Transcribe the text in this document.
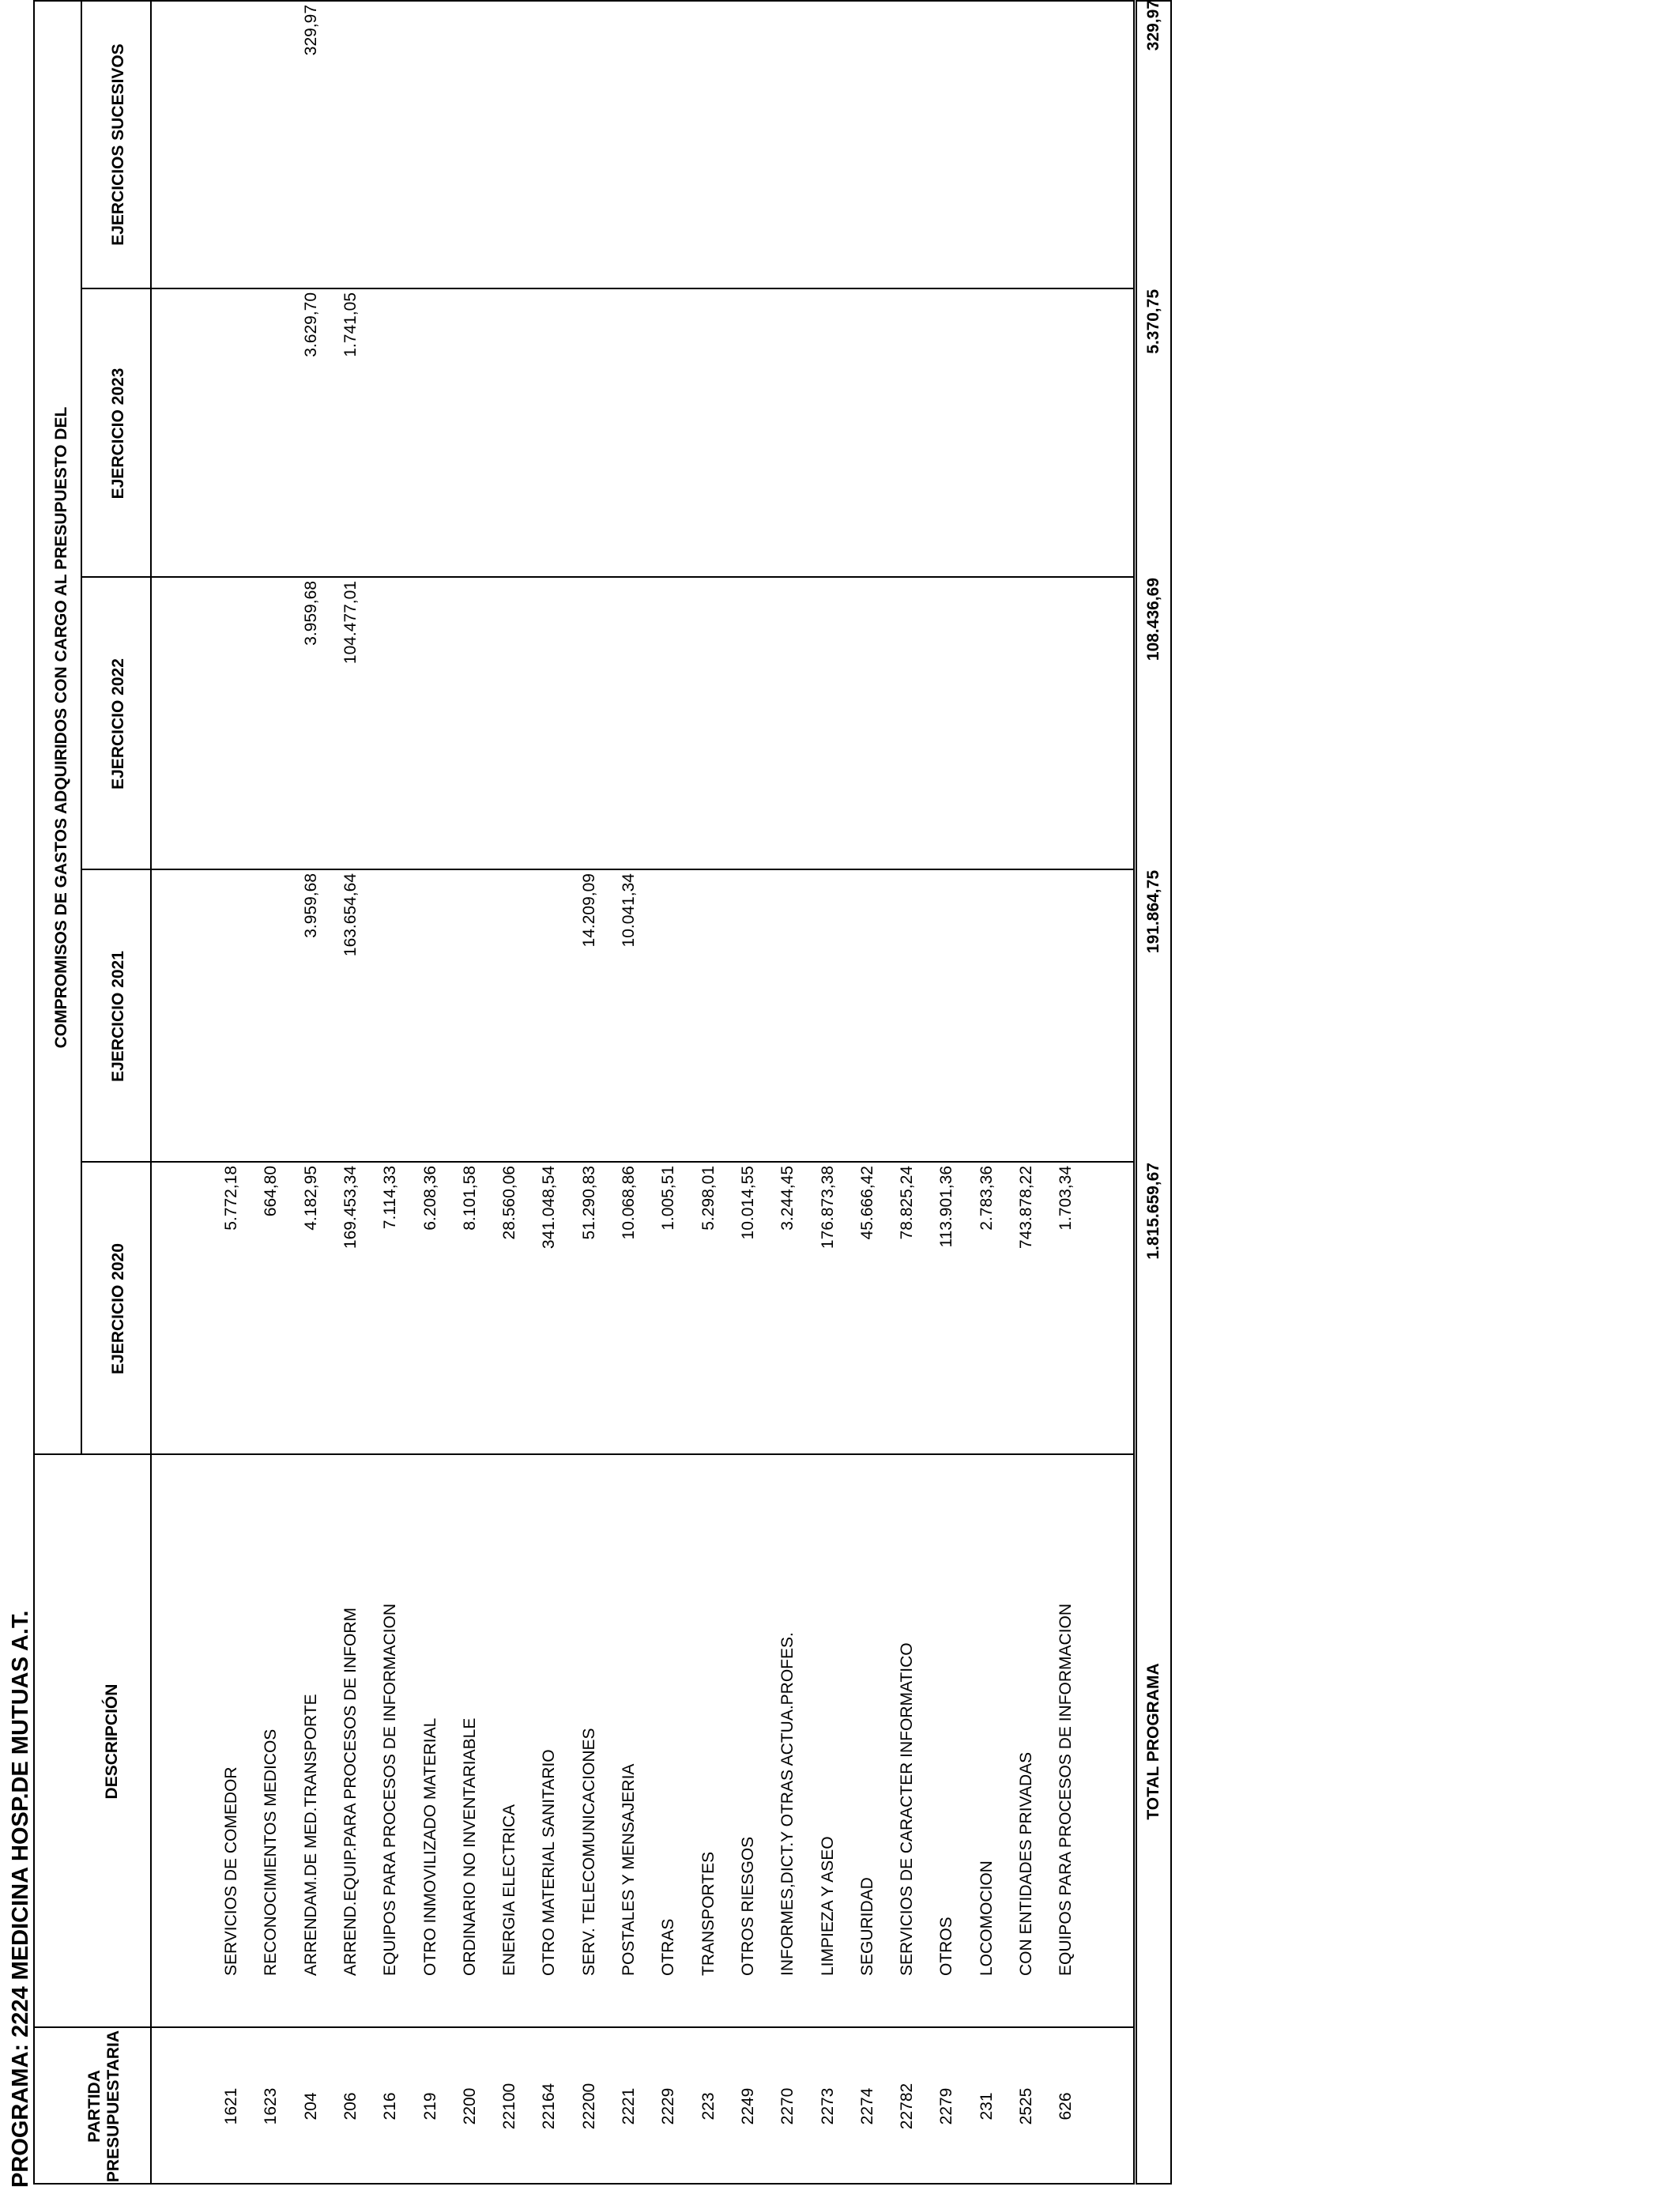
PROGRAMA: 2224 MEDICINA HOSP.DE MUTUAS A.T.	PARTIDA PRESUPUESTARIA
DESCRIPCIÓN
COMPROMISOS DE GASTOS ADQUIRIDOS CON CARGO AL PRESUPUESTO DEL
EJERCICIO 2020
EJERCICIO 2021
EJERCICIO 2022
EJERCICIO 2023
EJERCICIOS SUCESIVOS
1621
SERVICIOS DE COMEDOR
5.772,18
1623
RECONOCIMIENTOS MEDICOS
664,80
204
ARRENDAM.DE MED.TRANSPORTE
4.182,95
3.959,68
3.959,68
3.629,70
329,97
206
ARREND.EQUIP.PARA PROCESOS DE INFORM
169.453,34
163.654,64
104.477,01
1.741,05
216
EQUIPOS PARA PROCESOS DE INFORMACION
7.114,33
219
OTRO INMOVILIZADO MATERIAL
6.208,36
2200
ORDINARIO NO INVENTARIABLE
8.101,58
22100
ENERGIA ELECTRICA
28.560,06
22164
OTRO MATERIAL SANITARIO
341.048,54
22200
SERV. TELECOMUNICACIONES
51.290,83
14.209,09
2221
POSTALES Y MENSAJERIA
10.068,86
10.041,34
2229
OTRAS
1.005,51
223
TRANSPORTES
5.298,01
2249
OTROS RIESGOS
10.014,55
2270
INFORMES,DICT.Y OTRAS ACTUA.PROFES.
3.244,45
2273
LIMPIEZA Y ASEO
176.873,38
2274
SEGURIDAD
45.666,42
22782
SERVICIOS DE CARACTER INFORMATICO
78.825,24
2279
OTROS
113.901,36
231
LOCOMOCION
2.783,36
2525
CON ENTIDADES PRIVADAS
743.878,22
626
EQUIPOS PARA PROCESOS DE INFORMACION
1.703,34
TOTAL PROGRAMA
1.815.659,67
191.864,75
108.436,69
5.370,75
329,97
